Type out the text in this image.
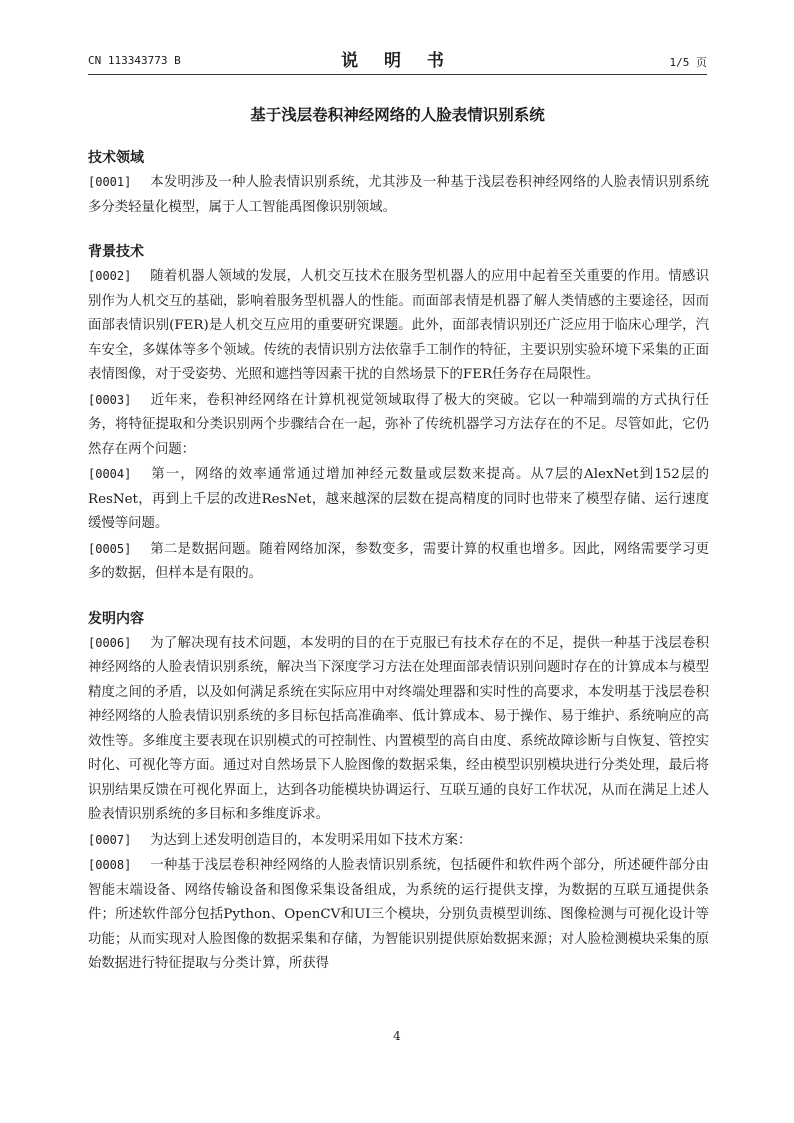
CN 113343773 B	说 明 书	1/5 页
基于浅层卷积神经网络的人脸表情识别系统
技术领域

[0001] 本发明涉及一种人脸表情识别系统，尤其涉及一种基于浅层卷积神经网络的人脸表情识别系统多分类轻量化模型，属于人工智能禹图像识别领域。

背景技术

[0002] 随着机器人领域的发展，人机交互技术在服务型机器人的应用中起着至关重要的作用。情感识别作为人机交互的基础，影响着服务型机器人的性能。而面部表情是机器了解人类情感的主要途径，因而面部表情识别(FER)是人机交互应用的重要研究课题。此外，面部表情识别还广泛应用于临床心理学，汽车安全，多媒体等多个领域。传统的表情识别方法依靠手工制作的特征，主要识别实验环境下采集的正面表情图像，对于受姿势、光照和遮挡等因素干扰的自然场景下的FER任务存在局限性。

[0003] 近年来，卷积神经网络在计算机视觉领域取得了极大的突破。它以一种端到端的方式执行任务，将特征提取和分类识别两个步骤结合在一起，弥补了传统机器学习方法存在的不足。尽管如此，它仍然存在两个问题：

[0004] 第一，网络的效率通常通过增加神经元数量或层数来提高。从7层的AlexNet到152层的ResNet，再到上千层的改进ResNet，越来越深的层数在提高精度的同时也带来了模型存储、运行速度缓慢等问题。

[0005] 第二是数据问题。随着网络加深，参数变多，需要计算的权重也增多。因此，网络需要学习更多的数据，但样本是有限的。

发明内容

[0006] 为了解决现有技术问题，本发明的目的在于克服已有技术存在的不足，提供一种基于浅层卷积神经网络的人脸表情识别系统，解决当下深度学习方法在处理面部表情识别问题时存在的计算成本与模型精度之间的矛盾，以及如何满足系统在实际应用中对终端处理器和实时性的高要求，本发明基于浅层卷积神经网络的人脸表情识别系统的多目标包括高准确率、低计算成本、易于操作、易于维护、系统响应的高效性等。多维度主要表现在识别模式的可控制性、内置模型的高自由度、系统故障诊断与自恢复、管控实时化、可视化等方面。通过对自然场景下人脸图像的数据采集，经由模型识别模块进行分类处理，最后将识别结果反馈在可视化界面上，达到各功能模块协调运行、互联互通的良好工作状况，从而在满足上述人脸表情识别系统的多目标和多维度诉求。

[0007] 为达到上述发明创造目的，本发明采用如下技术方案：

[0008] 一种基于浅层卷积神经网络的人脸表情识别系统，包括硬件和软件两个部分，所述硬件部分由智能末端设备、网络传输设备和图像采集设备组成，为系统的运行提供支撑，为数据的互联互通提供条件；所述软件部分包括Python、OpenCV和UI三个模块，分别负责模型训练、图像检测与可视化设计等功能；从而实现对人脸图像的数据采集和存储，为智能识别提供原始数据来源；对人脸检测模块采集的原始数据进行特征提取与分类计算，所获得

4
